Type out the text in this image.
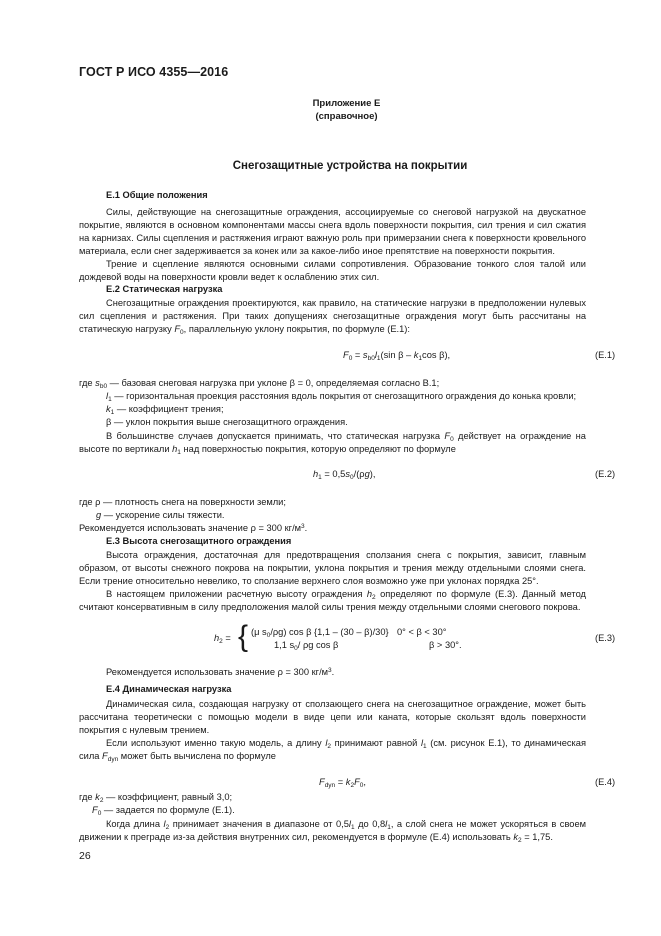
ГОСТ Р ИСО 4355—2016
Приложение Е
(справочное)
Снегозащитные устройства на покрытии
Е.1 Общие положения
Силы, действующие на снегозащитные ограждения, ассоциируемые со снеговой нагрузкой на двускатное покрытие, являются в основном компонентами массы снега вдоль поверхности покрытия, сил трения и сил сжатия на карнизах. Силы сцепления и растяжения играют важную роль при примерзании снега к поверхности кровельного материала, если снег задерживается за конек или за какое-либо иное препятствие на поверхности покрытия.
Трение и сцепление являются основными силами сопротивления. Образование тонкого слоя талой или дождевой воды на поверхности кровли ведет к ослаблению этих сил.
Е.2 Статическая нагрузка
Снегозащитные ограждения проектируются, как правило, на статические нагрузки в предположении нулевых сил сцепления и растяжения. При таких допущениях снегозащитные ограждения могут быть рассчитаны на статическую нагрузку $F_0$, параллельную уклону покрытия, по формуле (Е.1):
$F_0 = s_{b0}l_1(\sin$ β – $k_1\cos$ β),	(E.1)
где $s_{b0}$ — базовая снеговая нагрузка при уклоне β = 0, определяемая согласно В.1;
$l_1$ — горизонтальная проекция расстояния вдоль покрытия от снегозащитного ограждения до конька кровли;
$k_1$ — коэффициент трения;
β — уклон покрытия выше снегозащитного ограждения.
В большинстве случаев допускается принимать, что статическая нагрузка $F_0$ действует на ограждение на высоте по вертикали $h_1$ над поверхностью покрытия, которую определяют по формуле
$h_1 = 0,5s_0/(\rho g)$,	(E.2)
где ρ — плотность снега на поверхности земли;
g — ускорение силы тяжести.
Рекомендуется использовать значение ρ = 300 $кг/м^3$.
Е.3 Высота снегозащитного ограждения
Высота ограждения, достаточная для предотвращения сползания снега с покрытия, зависит, главным образом, от высоты снежного покрова на покрытии, уклона покрытия и трения между отдельными слоями снега. Если трение относительно невелико, то сползание верхнего слоя возможно уже при уклонах порядка 25°.
В настоящем приложении расчетную высоту ограждения $h_2$ определяют по формуле (Е.3). Данный метод считают консервативным в силу предположения малой силы трения между отдельными слоями снегового покрова.
$h_2$ = { (μ $s_0/\rho g$) cos β {1,1 – (30 – β)/30} 0° < β < 30°
1,1 $s_0/$ ρg cos β	β > 30°.
(E.3)
Рекомендуется использовать значение ρ = 300 $кг/м^3$.
Е.4 Динамическая нагрузка
Динамическая сила, создающая нагрузку от сползающего снега на снегозащитное ограждение, может быть рассчитана теоретически с помощью модели в виде цепи или каната, которые скользят вдоль поверхности покрытия с нулевым трением.
Если используют именно такую модель, а длину $l_2$ принимают равной $l_1$ (см. рисунок Е.1), то динамическая сила $F_{dyn}$ может быть вычислена по формуле
$F_{dyn} = k_2F_0$,	(E.4)
где $k_2$ — коэффициент, равный 3,0;
$F_0$ — задается по формуле (Е.1).
Когда длина $l_2$ принимает значения в диапазоне от $0,5l_1$ до $0,8l_1$, а слой снега не может ускоряться в своем движении к преграде из-за действия внутренних сил, рекомендуется в формуле (Е.4) использовать $k_2 = 1,75$.
26
